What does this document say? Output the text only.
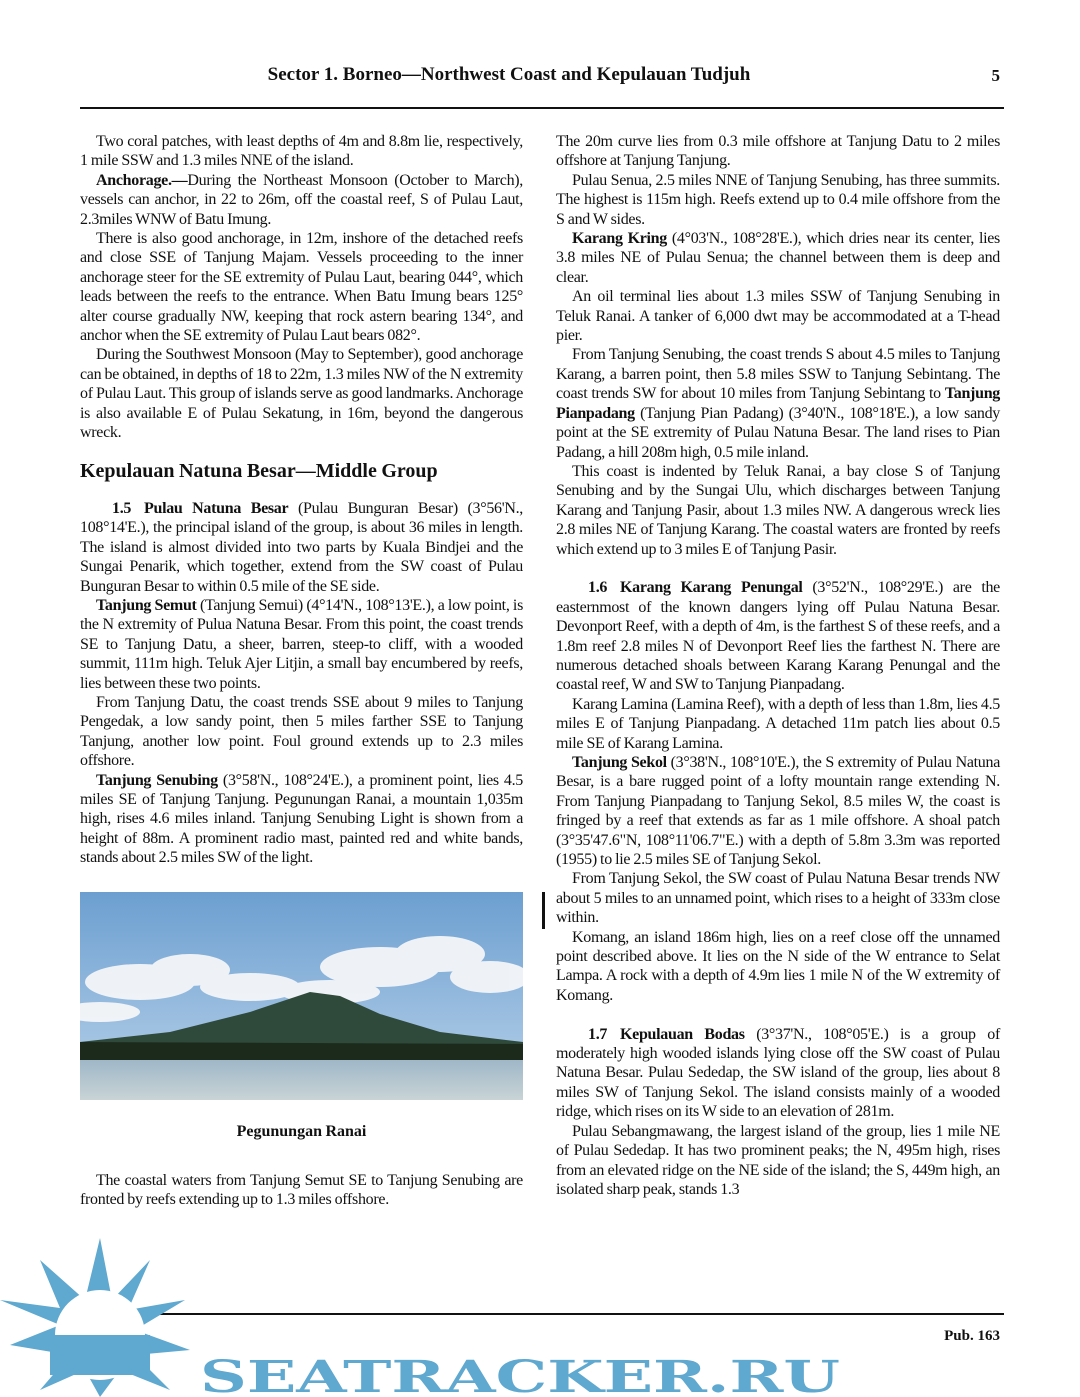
Sector 1. Borneo—Northwest Coast and Kepulauan Tudjuh	5

Two coral patches, with least depths of 4m and 8.8m lie, respectively, 1 mile SSW and 1.3 miles NNE of the island.

Anchorage.—During the Northeast Monsoon (October to March), vessels can anchor, in 22 to 26m, off the coastal reef, S of Pulau Laut, 2.3miles WNW of Batu Imung.

There is also good anchorage, in 12m, inshore of the detached reefs and close SSE of Tanjung Majam. Vessels proceeding to the inner anchorage steer for the SE extremity of Pulau Laut, bearing 044°, which leads between the reefs to the entrance. When Batu Imung bears 125° alter course gradually NW, keeping that rock astern bearing 134°, and anchor when the SE extremity of Pulau Laut bears 082°.

During the Southwest Monsoon (May to September), good anchorage can be obtained, in depths of 18 to 22m, 1.3 miles NW of the N extremity of Pulau Laut. This group of islands serve as good landmarks. Anchorage is also available E of Pulau Sekatung, in 16m, beyond the dangerous wreck.

Kepulauan Natuna Besar—Middle Group

1.5 Pulau Natuna Besar (Pulau Bunguran Besar) (3°56'N., 108°14'E.), the principal island of the group, is about 36 miles in length. The island is almost divided into two parts by Kuala Bindjei and the Sungai Penarik, which together, extend from the SW coast of Pulau Bunguran Besar to within 0.5 mile of the SE side.

Tanjung Semut (Tanjung Semui) (4°14'N., 108°13'E.), a low point, is the N extremity of Pulua Natuna Besar. From this point, the coast trends SE to Tanjung Datu, a sheer, barren, steep-to cliff, with a wooded summit, 111m high. Teluk Ajer Litjin, a small bay encumbered by reefs, lies between these two points.

From Tanjung Datu, the coast trends SSE about 9 miles to Tanjung Pengedak, a low sandy point, then 5 miles farther SSE to Tanjung Tanjung, another low point. Foul ground extends up to 2.3 miles offshore.

Tanjung Senubing (3°58'N., 108°24'E.), a prominent point, lies 4.5 miles SE of Tanjung Tanjung. Pegunungan Ranai, a mountain 1,035m high, rises 4.6 miles inland. Tanjung Senubing Light is shown from a height of 88m. A prominent radio mast, painted red and white bands, stands about 2.5 miles SW of the light.

Pegunungan Ranai

The coastal waters from Tanjung Semut SE to Tanjung Senubing are fronted by reefs extending up to 1.3 miles offshore.

The 20m curve lies from 0.3 mile offshore at Tanjung Datu to 2 miles offshore at Tanjung Tanjung.

Pulau Senua, 2.5 miles NNE of Tanjung Senubing, has three summits. The highest is 115m high. Reefs extend up to 0.4 mile offshore from the S and W sides.

Karang Kring (4°03'N., 108°28'E.), which dries near its center, lies 3.8 miles NE of Pulau Senua; the channel between them is deep and clear.

An oil terminal lies about 1.3 miles SSW of Tanjung Senubing in Teluk Ranai. A tanker of 6,000 dwt may be accommodated at a T-head pier.

From Tanjung Senubing, the coast trends S about 4.5 miles to Tanjung Karang, a barren point, then 5.8 miles SSW to Tanjung Sebintang. The coast trends SW for about 10 miles from Tanjung Sebintang to Tanjung Pianpadang (Tanjung Pian Padang) (3°40'N., 108°18'E.), a low sandy point at the SE extremity of Pulau Natuna Besar. The land rises to Pian Padang, a hill 208m high, 0.5 mile inland.

This coast is indented by Teluk Ranai, a bay close S of Tanjung Senubing and by the Sungai Ulu, which discharges between Tanjung Karang and Tanjung Pasir, about 1.3 miles NW. A dangerous wreck lies 2.8 miles NE of Tanjung Karang. The coastal waters are fronted by reefs which extend up to 3 miles E of Tanjung Pasir.

1.6 Karang Karang Penungal (3°52'N., 108°29'E.) are the easternmost of the known dangers lying off Pulau Natuna Besar. Devonport Reef, with a depth of 4m, is the farthest S of these reefs, and a 1.8m reef 2.8 miles N of Devonport Reef lies the farthest N. There are numerous detached shoals between Karang Karang Penungal and the coastal reef, W and SW to Tanjung Pianpadang.

Karang Lamina (Lamina Reef), with a depth of less than 1.8m, lies 4.5 miles E of Tanjung Pianpadang. A detached 11m patch lies about 0.5 mile SE of Karang Lamina.

Tanjung Sekol (3°38'N., 108°10'E.), the S extremity of Pulau Natuna Besar, is a bare rugged point of a lofty mountain range extending N. From Tanjung Pianpadang to Tanjung Sekol, 8.5 miles W, the coast is fringed by a reef that extends as far as 1 mile offshore. A shoal patch (3°35'47.6"N, 108°11'06.7"E.) with a depth of 5.8m 3.3m was reported (1955) to lie 2.5 miles SE of Tanjung Sekol.

From Tanjung Sekol, the SW coast of Pulau Natuna Besar trends NW about 5 miles to an unnamed point, which rises to a height of 333m close within.

Komang, an island 186m high, lies on a reef close off the unnamed point described above. It lies on the N side of the W entrance to Selat Lampa. A rock with a depth of 4.9m lies 1 mile N of the W extremity of Komang.

1.7 Kepulauan Bodas (3°37'N., 108°05'E.) is a group of moderately high wooded islands lying close off the SW coast of Pulau Natuna Besar. Pulau Sededap, the SW island of the group, lies about 8 miles SW of Tanjung Sekol. The island consists mainly of a wooded ridge, which rises on its W side to an elevation of 281m.

Pulau Sebangmawang, the largest island of the group, lies 1 mile NE of Pulau Sededap. It has two prominent peaks; the N, 495m high, rises from an elevated ridge on the NE side of the island; the S, 449m high, an isolated sharp peak, stands 1.3

Pub. 163
SEATRACKER.RU
